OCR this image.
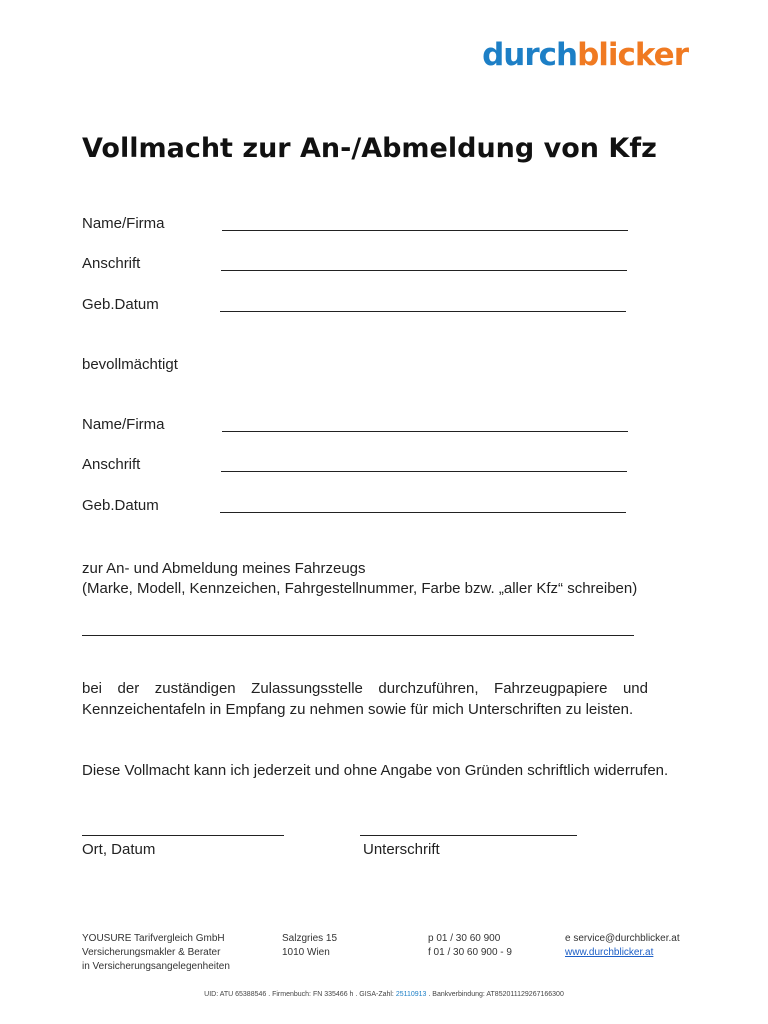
durchblicker
Vollmacht zur An-/Abmeldung von Kfz
Name/Firma
Anschrift
Geb.Datum
bevollmächtigt
Name/Firma
Anschrift
Geb.Datum
zur An- und Abmeldung meines Fahrzeugs
(Marke, Modell, Kennzeichen, Fahrgestellnummer, Farbe bzw. „aller Kfz“ schreiben)
bei der zuständigen Zulassungsstelle durchzuführen, Fahrzeugpapiere und Kennzeichentafeln in Empfang zu nehmen sowie für mich Unterschriften zu leisten.
Diese Vollmacht kann ich jederzeit und ohne Angabe von Gründen schriftlich widerrufen.
Ort, Datum	Unterschrift
YOUSURE Tarifvergleich GmbH
Versicherungsmakler & Berater
in Versicherungsangelegenheiten
Salzgries 15
1010 Wien
p 01 / 30 60 900
f 01 / 30 60 900 - 9
e service@durchblicker.at
www.durchblicker.at
UID: ATU 65388546 . Firmenbuch: FN 335466 h . GISA-Zahl: 25110913 . Bankverbindung: AT852011129267166300
